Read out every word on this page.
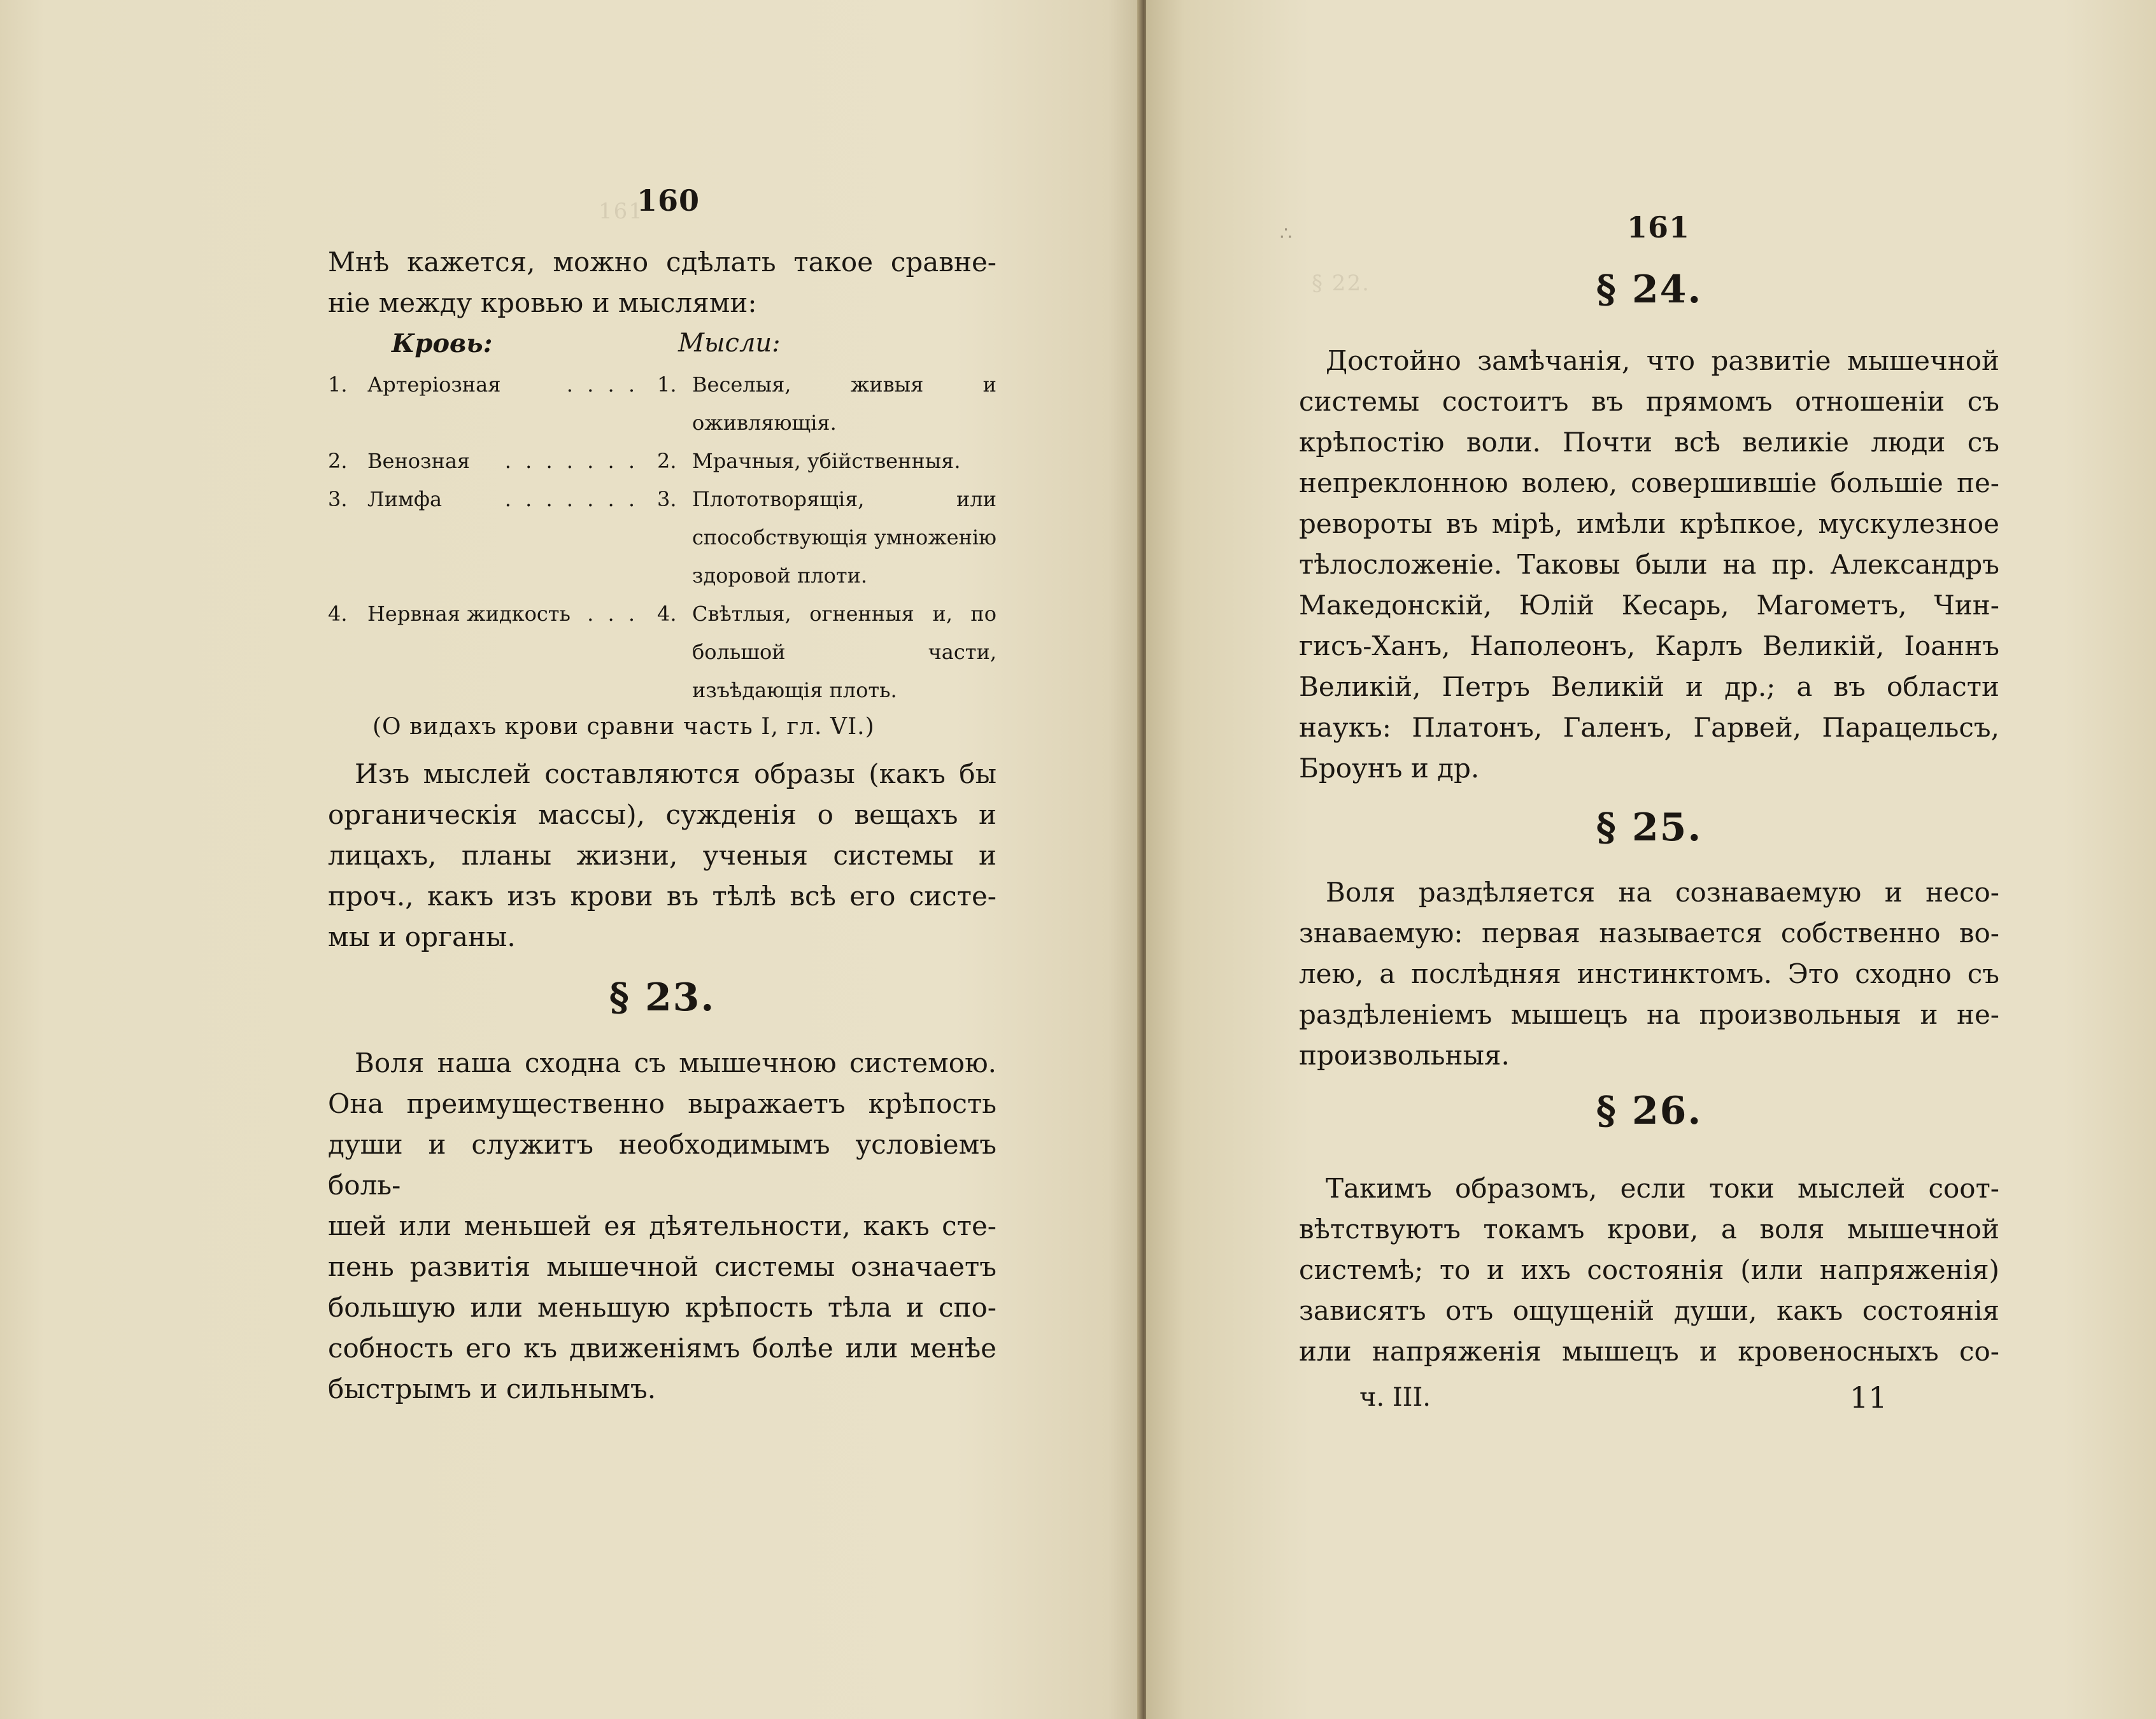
161
160

Мнѣ кажется, можно сдѣлать такое сравне-

ніе между кровью и мыслями:

Кровь:	Мысли:
1. Артеріозная	. . . . 1. Веселыя, живыя и оживляющія.
2. Венозная . . . . . . . 2. Мрачныя, убійственныя.
3. Лимфа	. . . . . . . 3. Плототворящія, или способствующія умноженію здоровой плоти.
4. Нервная жидкость . . . 4. Свѣтлыя, огненныя и, по большой части, изъѣдающія плоть.

(О видахъ крови сравни часть I, гл. VI.)

Изъ мыслей составляются образы (какъ бы

органическія массы), сужденія о вещахъ и

лицахъ, планы жизни, ученыя системы и

проч., какъ изъ крови въ тѣлѣ всѣ его систе-

мы и органы.

§ 23.

Воля наша сходна съ мышечною системою.

Она преимущественно выражаетъ крѣпость

души и служитъ необходимымъ условіемъ боль-

шей или меньшей ея дѣятельности, какъ сте-

пень развитія мышечной системы означаетъ

большую или меньшую крѣпость тѣла и спо-

собность его къ движеніямъ болѣе или менѣе

быстрымъ и сильнымъ.

§ 22.
∴	161

§ 24.

Достойно замѣчанія, что развитіе мышечной

системы состоитъ въ прямомъ отношеніи съ

крѣпостію воли. Почти всѣ великіе люди съ

непреклонною волею, совершившіе большіе пе-

ревороты въ мірѣ, имѣли крѣпкое, мускулезное

тѣлосложеніе. Таковы были на пр. Александръ

Македонскій, Юлій Кесарь, Магометъ, Чин-

гисъ-Ханъ, Наполеонъ, Карлъ Великій, Іоаннъ

Великій, Петръ Великій и др.; а въ области

наукъ: Платонъ, Галенъ, Гарвей, Парацельсъ,

Броунъ и др.

§ 25.

Воля раздѣляется на сознаваемую и несо-

знаваемую: первая называется собственно во-

лею, а послѣдняя инстинктомъ. Это сходно съ

раздѣленіемъ мышецъ на произвольныя и не-

произвольныя.

§ 26.

Такимъ образомъ, если токи мыслей соот-

вѣтствуютъ токамъ крови, а воля мышечной

системѣ; то и ихъ состоянія (или напряженія)

зависятъ отъ ощущеній души, какъ состоянія

или напряженія мышецъ и кровеносныхъ со-

ч. III.	11
